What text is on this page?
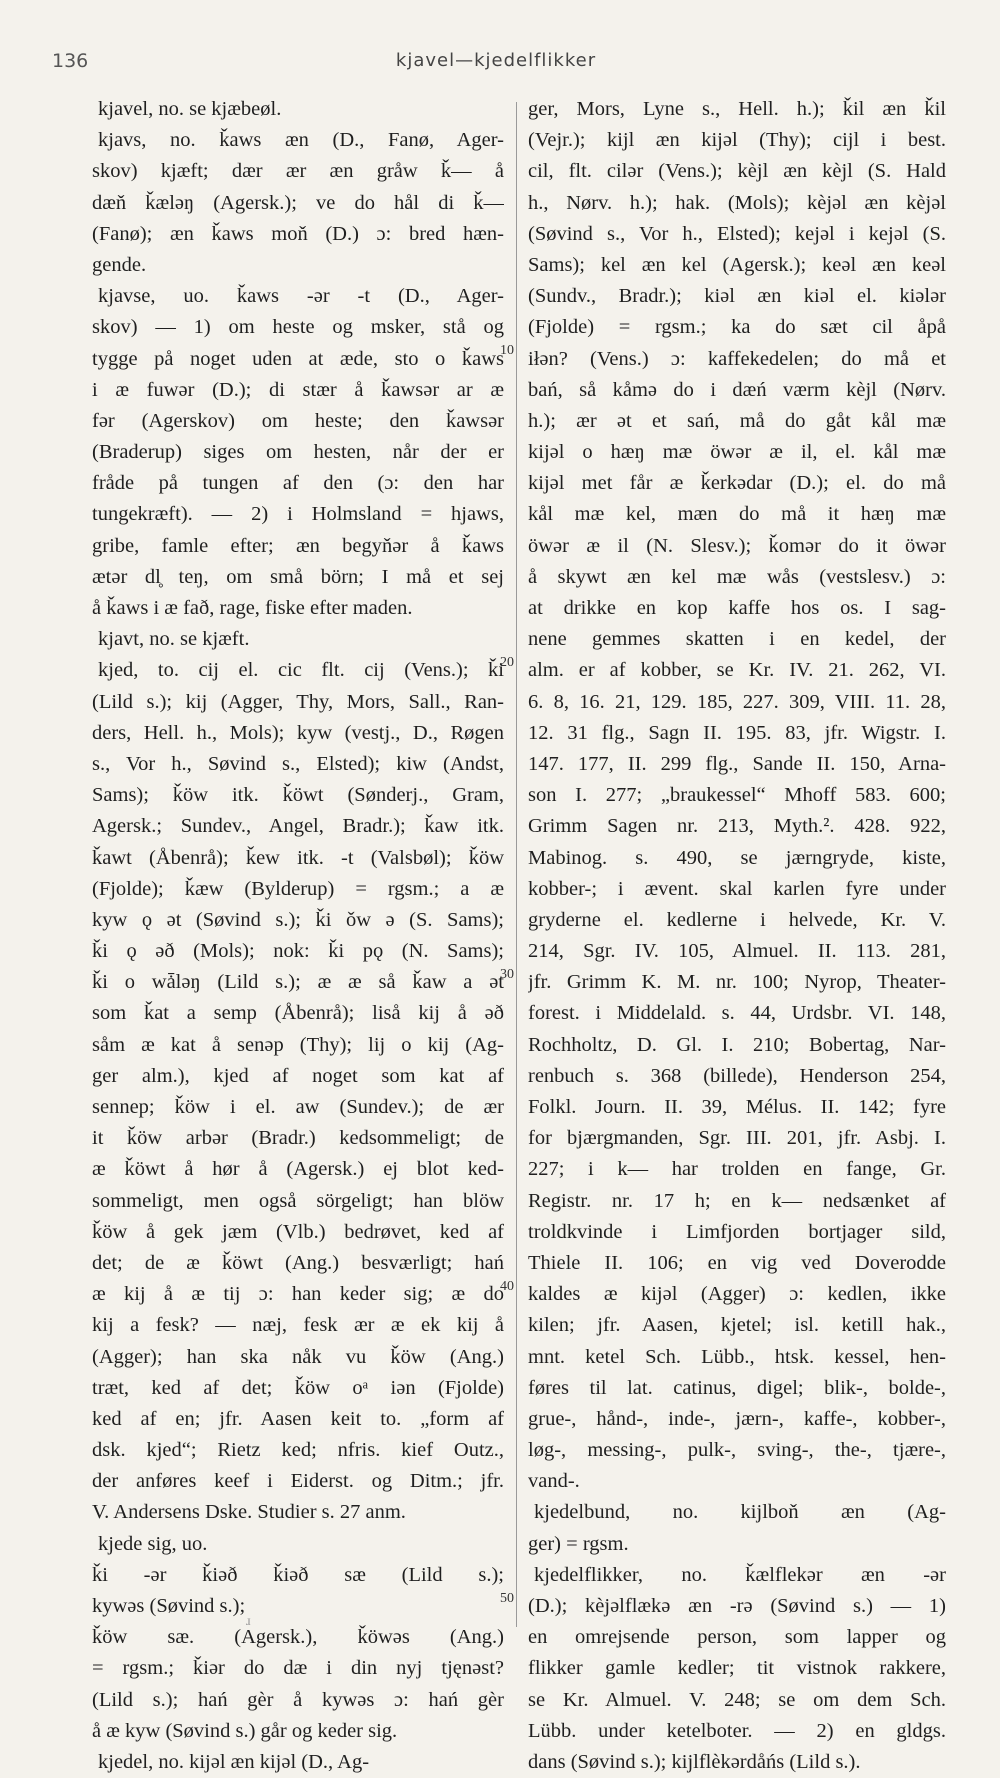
136	kjavel—kjedelflikker
kjavel, no. se kjæbeøl.
kjavs, no. ǩaws æn (D., Fanø, Ager-
skov) kjæft; dær ær æn gråw ǩ— å
dæň ǩæləŋ (Agersk.); ve do hål di ǩ—
(Fanø); æn ǩaws moň (D.) ɔ: bred hæn-
gende.
kjavse, uo. ǩaws -ər -t (D., Ager-
skov) — 1) om heste og msker, stå og
tygge på noget uden at æde, sto o ǩaws
i æ fuwər (D.); di stær å ǩawsər ar æ
fər (Agerskov) om heste; den ǩawsər
(Braderup) siges om hesten, når der er
fråde på tungen af den (ɔ: den har
tungekræft). — 2) i Holmsland = hjaws,
gribe, famle efter; æn begyňər å ǩaws
ætər dl̥ teŋ, om små börn; I må et sej
å ǩaws i æ fað, rage, fiske efter maden.
kjavt, no. se kjæft.
kjed, to. cij el. cic flt. cij (Vens.); ǩi
(Lild s.); kij (Agger, Thy, Mors, Sall., Ran-
ders, Hell. h., Mols); kyw (vestj., D., Røgen
s., Vor h., Søvind s., Elsted); kiw (Andst,
Sams); ǩöw itk. ǩöwt (Sønderj., Gram,
Agersk.; Sundev., Angel, Bradr.); ǩaw itk.
ǩawt (Åbenrå); ǩew itk. -t (Valsbøl); ǩöw
(Fjolde); ǩæw (Bylderup) = rgsm.; a æ
kyw ǫ ət (Søvind s.); ǩi ǒw ə (S. Sams);
ǩi ǫ əð (Mols); nok: ǩi pǫ (N. Sams);
ǩi o wǡləŋ (Lild s.); æ æ så ǩaw a ət
som ǩat a semp (Åbenrå); liså kij å əð
såm æ kat å senəp (Thy); lij o kij (Ag-
ger alm.), kjed af noget som kat af
sennep; ǩöw i el. aw (Sundev.); de ær
it ǩöw arbər (Bradr.) kedsommeligt; de
æ ǩöwt å hør å (Agersk.) ej blot ked-
sommeligt, men også sörgeligt; han blöw
ǩöw å gek jæm (Vlb.) bedrøvet, ked af
det; de æ ǩöwt (Ang.) besværligt; hań
æ kij å æ tij ɔ: han keder sig; æ do
kij a fesk? — næj, fesk ær æ ek kij å
(Agger); han ska nåk vu ǩöw (Ang.)
træt, ked af det; ǩöw oᵃ iən (Fjolde)
ked af en; jfr. Aasen keit to. „form af
dsk. kjed“; Rietz ked; nfris. kief Outz.,
der anføres keef i Eiderst. og Ditm.; jfr.
V. Andersens Dske. Studier s. 27 anm.
kjede sig, uo.
ǩi -ər ǩiəð ǩiəð sæ (Lild s.);
kywəs (Søvind s.);
ǩöw sæ. (Agersk.), ǩöwəs (Ang.)
= rgsm.; ǩiər do dæ i din nyj tjęnəst?
(Lild s.); hań gèr å kywəs ɔ: hań gèr
å æ kyw (Søvind s.) går og keder sig.
kjedel, no. kijəl æn kijəl (D., Ag-
ger, Mors, Lyne s., Hell. h.); ǩil æn ǩil
(Vejr.); kijl æn kijəl (Thy); cijl i best.
cil, flt. cilər (Vens.); kèjl æn kèjl (S. Hald
h., Nørv. h.); hak. (Mols); kèjəl æn kèjəl
(Søvind s., Vor h., Elsted); kejəl i kejəl (S.
Sams); kel æn kel (Agersk.); keəl æn keəl
(Sundv., Bradr.); kiəl æn kiəl el. kiələr
(Fjolde) = rgsm.; ka do sæt cil åpå
iłən? (Vens.) ɔ: kaffekedelen; do må et
bań, så kåmə do i dæń værm kèjl (Nørv.
h.); ær ət et sań, må do gåt kål mæ
kijəl o hæŋ mæ öwər æ il, el. kål mæ
kijəl met får æ ǩerkədar (D.); el. do må
kål mæ kel, mæn do må it hæŋ mæ
öwər æ il (N. Slesv.); ǩomər do it öwər
å skywt æn kel mæ wås (vestslesv.) ɔ:
at drikke en kop kaffe hos os. I sag-
nene gemmes skatten i en kedel, der
alm. er af kobber, se Kr. IV. 21. 262, VI.
6. 8, 16. 21, 129. 185, 227. 309, VIII. 11. 28,
12. 31 flg., Sagn II. 195. 83, jfr. Wigstr. I.
147. 177, II. 299 flg., Sande II. 150, Arna-
son I. 277; „braukessel“ Mhoff 583. 600;
Grimm Sagen nr. 213, Myth.². 428. 922,
Mabinog. s. 490, se jærngryde, kiste,
kobber-; i ævent. skal karlen fyre under
gryderne el. kedlerne i helvede, Kr. V.
214, Sgr. IV. 105, Almuel. II. 113. 281,
jfr. Grimm K. M. nr. 100; Nyrop, Theater-
forest. i Middelald. s. 44, Urdsbr. VI. 148,
Rochholtz, D. Gl. I. 210; Bobertag, Nar-
renbuch s. 368 (billede), Henderson 254,
Folkl. Journ. II. 39, Mélus. II. 142; fyre
for bjærgmanden, Sgr. III. 201, jfr. Asbj. I.
227; i k— har trolden en fange, Gr.
Registr. nr. 17 h; en k— nedsænket af
troldkvinde i Limfjorden bortjager sild,
Thiele II. 106; en vig ved Doverodde
kaldes æ kijəl (Agger) ɔ: kedlen, ikke
kilen; jfr. Aasen, kjetel; isl. ketill hak.,
mnt. ketel Sch. Lübb., htsk. kessel, hen-
føres til lat. catinus, digel; blik-, bolde-,
grue-, hånd-, inde-, jærn-, kaffe-, kobber-,
løg-, messing-, pulk-, sving-, the-, tjære-,
vand-.
kjedelbund, no. kijlboň æn (Ag-
ger) = rgsm.
kjedelflikker, no. ǩælflekər æn -ər
(D.); kèjəlflækə æn -rə (Søvind s.) — 1)
en omrejsende person, som lapper og
flikker gamle kedler; tit vistnok rakkere,
se Kr. Almuel. V. 248; se om dem Sch.
Lübb. under ketelboter. — 2) en gldgs.
dans (Søvind s.); kijlflèkərdåńs (Lild s.).
10
20
30
40
50
ɹ
